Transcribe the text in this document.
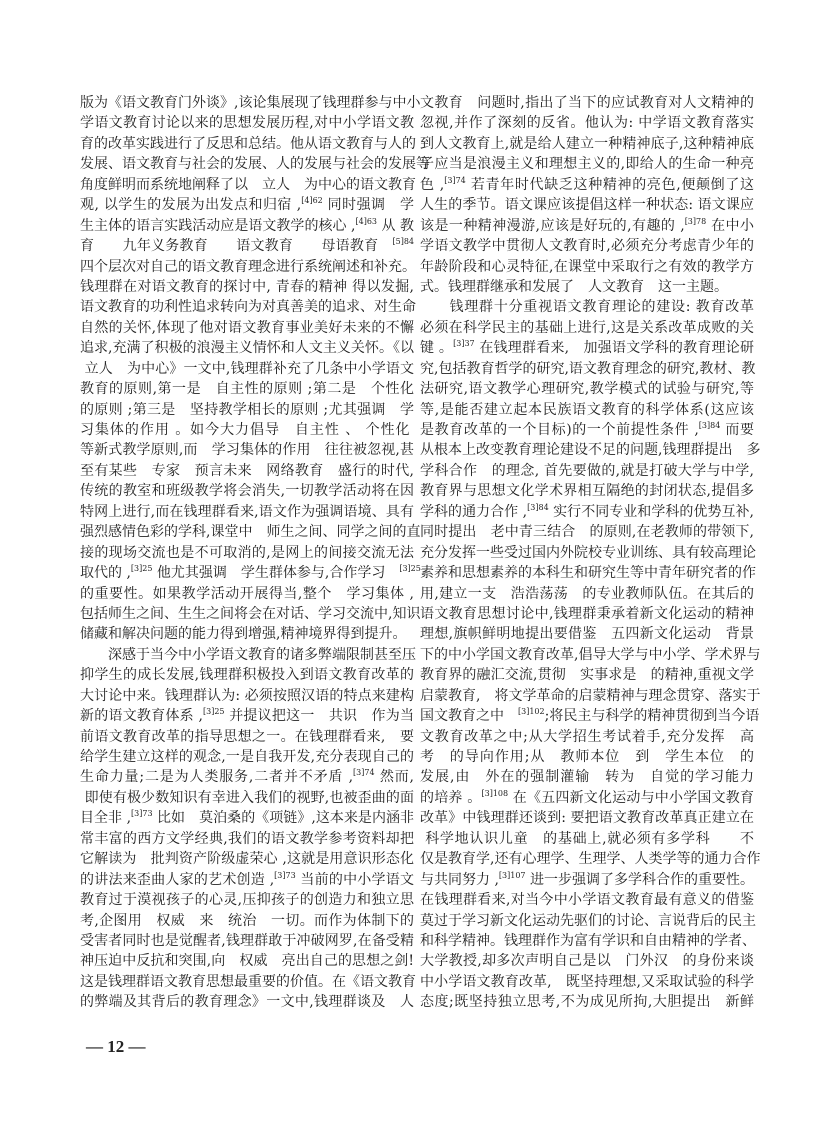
版为《语文教育门外谈》,该论集展现了钱理群参与中小
学语文教育讨论以来的思想发展历程,对中小学语文教
育的改革实践进行了反思和总结。他从语文教育与人的
发展、语文教育与社会的发展、人的发展与社会的发展等
角度鲜明而系统地阐释了以　立人　为中心的语文教育
观, 以学生的发展为出发点和归宿 ,$^{[4]62}$ 同时强调　学
生主体的语言实践活动应是语文教学的核心 ,$^{[4]63}$ 从 教
育　　九年义务教育　　语文教育　　母语教育　$^{[5]84}$
四个层次对自己的语文教育理念进行系统阐述和补充。
钱理群在对语文教育的探讨中, 青春的精神 得以发掘,
语文教育的功利性追求转向为对真善美的追求、对生命
自然的关怀,体现了他对语文教育事业美好未来的不懈
追求,充满了积极的浪漫主义情怀和人文主义关怀。《以
立人　为中心》一文中,钱理群补充了几条中小学语文
教育的原则,第一是　自主性的原则 ;第二是　个性化
的原则 ;第三是　坚持教学相长的原则 ;尤其强调　学
习集体的作用 。如今大力倡导　自主性 、 个性化
等新式教学原则,而　学习集体的作用　往往被忽视,甚
至有某些　专家　预言未来　网络教育　盛行的时代,
传统的教室和班级教学将会消失,一切教学活动将在因
特网上进行,而在钱理群看来,语文作为强调语境、具有
强烈感情色彩的学科,课堂中　师生之间、同学之间的直
接的现场交流也是不可取消的,是网上的间接交流无法
取代的 ,$^{[3]25}$ 他尤其强调　学生群体参与,合作学习　$^{[3]25}$
的重要性。如果教学活动开展得当,整个　学习集体 ,
包括师生之间、生生之间将会在对话、学习交流中,知识
储藏和解决问题的能力得到增强,精神境界得到提升。
　　深感于当今中小学语文教育的诸多弊端限制甚至压
抑学生的成长发展,钱理群积极投入到语文教育改革的
大讨论中来。钱理群认为: 必须按照汉语的特点来建构
新的语文教育体系 ,$^{[3]25}$ 并提议把这一　共识　作为当
前语文教育改革的指导思想之一。在钱理群看来,　要
给学生建立这样的观念,一是自我开发,充分表现自己的
生命力量;二是为人类服务,二者并不矛盾 ,$^{[3]74}$ 然而,
即使有极少数知识有幸进入我们的视野,也被歪曲的面
目全非 ,$^{[3]73}$ 比如　莫泊桑的《项链》,这本来是内涵非
常丰富的西方文学经典,我们的语文教学参考资料却把
它解读为　批判资产阶级虚荣心 ,这就是用意识形态化
的讲法来歪曲人家的艺术创造 ,$^{[3]73}$ 当前的中小学语文
教育过于漠视孩子的心灵,压抑孩子的创造力和独立思
考,企图用　权威　来　统治　一切。而作为体制下的
受害者同时也是觉醒者,钱理群敢于冲破网罗,在备受精
神压迫中反抗和突围,向　权威　亮出自己的思想之剑!
这是钱理群语文教育思想最重要的价值。在《语文教育
的弊端及其背后的教育理念》一文中,钱理群谈及　人
文教育　问题时,指出了当下的应试教育对人文精神的
忽视,并作了深刻的反省。他认为: 中学语文教育落实
到人文教育上,就是给人建立一种精神底子,这种精神底
子应当是浪漫主义和理想主义的,即给人的生命一种亮
色 ,$^{[3]74}$ 若青年时代缺乏这种精神的亮色,便颠倒了这
人生的季节。语文课应该提倡这样一种状态: 语文课应
该是一种精神漫游,应该是好玩的,有趣的 ,$^{[3]78}$ 在中小
学语文教学中贯彻人文教育时,必须充分考虑青少年的
年龄阶段和心灵特征,在课堂中采取行之有效的教学方
式。钱理群继承和发展了　人文教育　这一主题。
　　钱理群十分重视语文教育理论的建设: 教育改革
必须在科学民主的基础上进行,这是关系改革成败的关
键 。$^{[3]37}$ 在钱理群看来,　加强语文学科的教育理论研
究,包括教育哲学的研究,语文教育理念的研究,教材、教
法研究,语文教学心理研究,教学模式的试验与研究,等
等,是能否建立起本民族语文教育的科学体系(这应该
是教育改革的一个目标)的一个前提性条件 ,$^{[3]84}$ 而要
从根本上改变教育理论建设不足的问题,钱理群提出　多
学科合作　的理念, 首先要做的,就是打破大学与中学,
教育界与思想文化学术界相互隔绝的封闭状态,提倡多
学科的通力合作 ,$^{[3]84}$ 实行不同专业和学科的优势互补,
同时提出　老中青三结合　的原则,在老教师的带领下,
充分发挥一些受过国内外院校专业训练、具有较高理论
素养和思想素养的本科生和研究生等中青年研究者的作
用,建立一支　浩浩荡荡　的专业教师队伍。在其后的
语文教育思想讨论中,钱理群秉承着新文化运动的精神
理想,旗帜鲜明地提出要借鉴　五四新文化运动　背景
下的中小学国文教育改革,倡导大学与中小学、学术界与
教育界的融汇交流,贯彻　实事求是　的精神,重视文学
启蒙教育,　将文学革命的启蒙精神与理念贯穿、落实于
国文教育之中　$^{[3]102}$;将民主与科学的精神贯彻到当今语
文教育改革之中;从大学招生考试着手,充分发挥　高
考　的导向作用;从　教师本位　到　学生本位　的
发展,由　外在的强制灌输　转为　自觉的学习能力
的培养 。$^{[3]108}$ 在《五四新文化运动与中小学国文教育
改革》中钱理群还谈到: 要把语文教育改革真正建立在
科学地认识儿童　的基础上,就必须有多学科　　不
仅是教育学,还有心理学、生理学、人类学等的通力合作
与共同努力 ,$^{[3]107}$ 进一步强调了多学科合作的重要性。
在钱理群看来,对当今中小学语文教育最有意义的借鉴
莫过于学习新文化运动先驱们的讨论、言说背后的民主
和科学精神。钱理群作为富有学识和自由精神的学者、
大学教授,却多次声明自己是以　门外汉　的身份来谈
中小学语文教育改革,　既坚持理想,又采取试验的科学
态度;既坚持独立思考,不为成见所拘,大胆提出　新鲜
— 12 —
